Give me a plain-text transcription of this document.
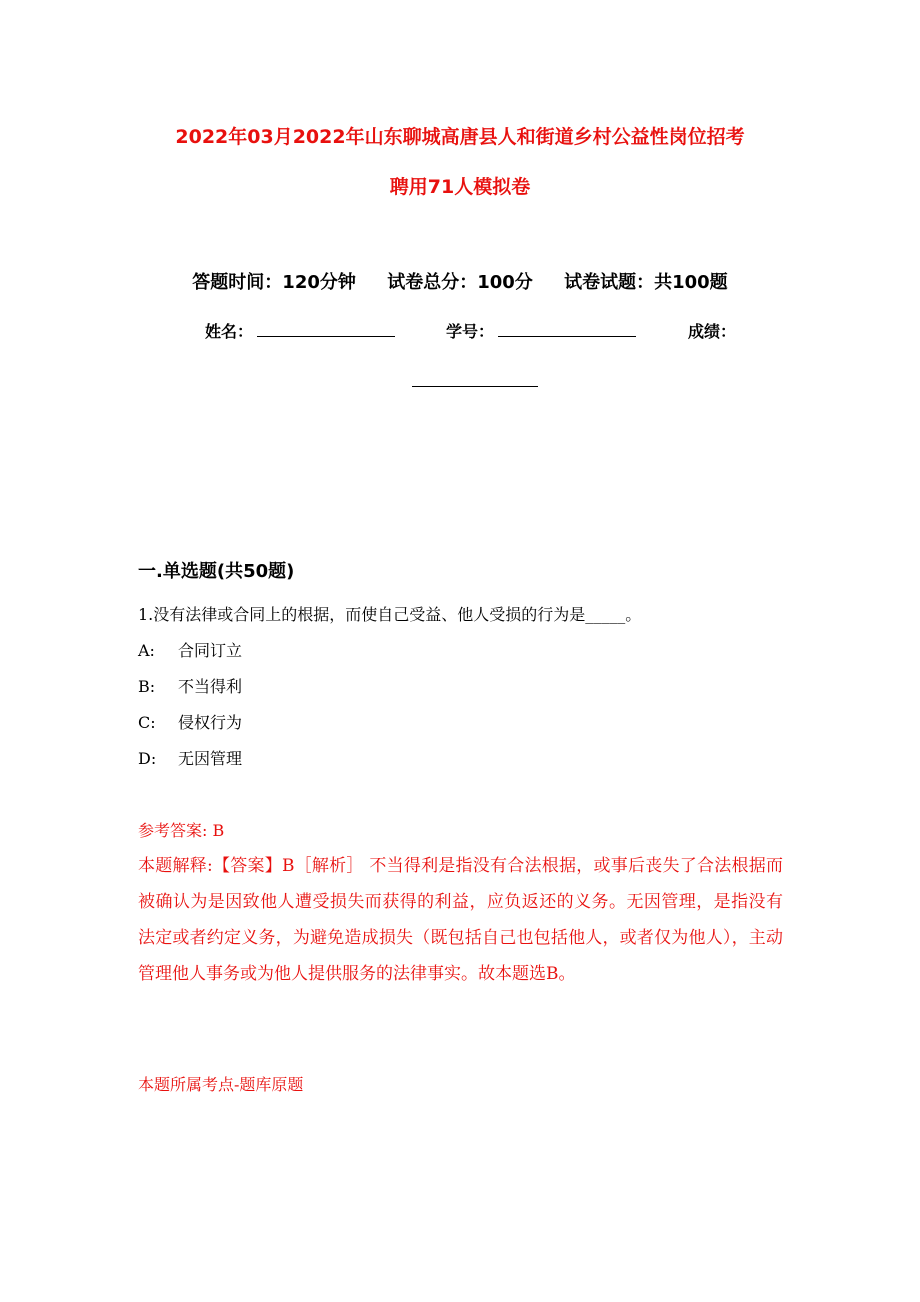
2022年03月2022年山东聊城高唐县人和街道乡村公益性岗位招考
聘用71人模拟卷
答题时间：120分钟     试卷总分：100分     试卷试题：共100题
姓名：	学号：	成绩：
一.单选题(共50题)
1.没有法律或合同上的根据，而使自己受益、他人受损的行为是_____。
A: 合同订立
B: 不当得利
C: 侵权行为
D: 无因管理
参考答案: B
本题解释:【答案】B［解析］ 不当得利是指没有合法根据，或事后丧失了合法根据而被确认为是因致他人遭受损失而获得的利益，应负返还的义务。无因管理，是指没有法定或者约定义务，为避免造成损失（既包括自己也包括他人，或者仅为他人），主动管理他人事务或为他人提供服务的法律事实。故本题选B。
本题所属考点-题库原题
